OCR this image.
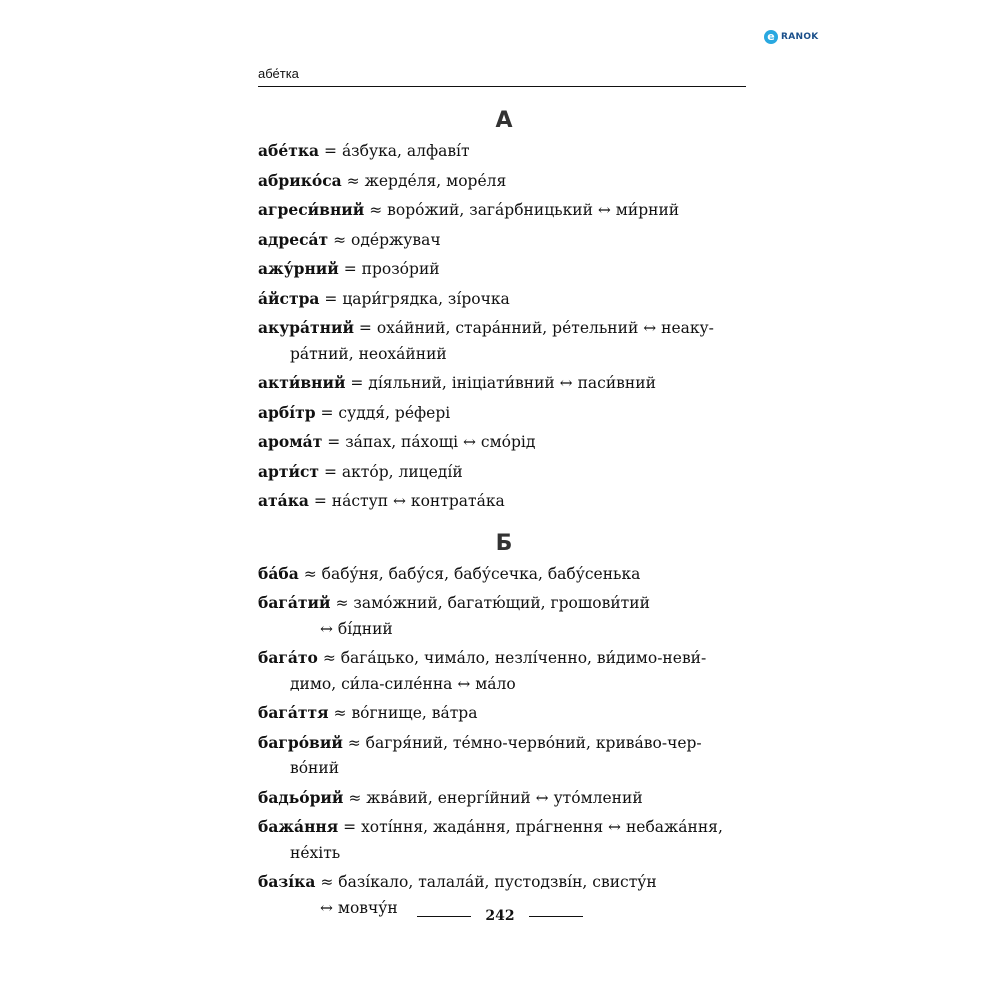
e RANOK
абе́тка
А
абе́тка = а́збука, алфаві́т
абрико́са ≈ жерде́ля, море́ля
агреси́вний ≈ воро́жий, зага́рбницький ↔ ми́рний
адреса́т ≈ оде́ржувач
ажу́рний = прозо́рий
а́йстра = цари́грядка, зі́рочка
акура́тний = оха́йний, стара́нний, ре́тельний ↔ неаку-
ра́тний, неоха́йний
акти́вний = ді́яльний, ініціати́вний ↔ паси́вний
арбі́тр = суддя́, ре́фері
арома́т = за́пах, па́хощі ↔ смо́рід
арти́ст = акто́р, лицеді́й
ата́ка = на́ступ ↔ контрата́ка
Б
ба́ба ≈ бабу́ня, бабу́ся, бабу́сечка, бабу́сенька
бага́тий ≈ замо́жний, багатю́щий, грошови́тий
↔ бі́дний
бага́то ≈ бага́цько, чима́ло, незлі́ченно, ви́димо-неви́-
димо, си́ла-силе́нна ↔ ма́ло
бага́ття ≈ во́гнище, ва́тра
багро́вий ≈ багря́ний, те́мно-черво́ний, крива́во-чер-
во́ний
бадьо́рий ≈ жва́вий, енергі́йний ↔ уто́млений
бажа́ння = хоті́ння, жада́ння, пра́гнення ↔ небажа́ння,
не́хіть
базі́ка ≈ базі́кало, талала́й, пустодзві́н, свисту́н
↔ мовчу́н	242
